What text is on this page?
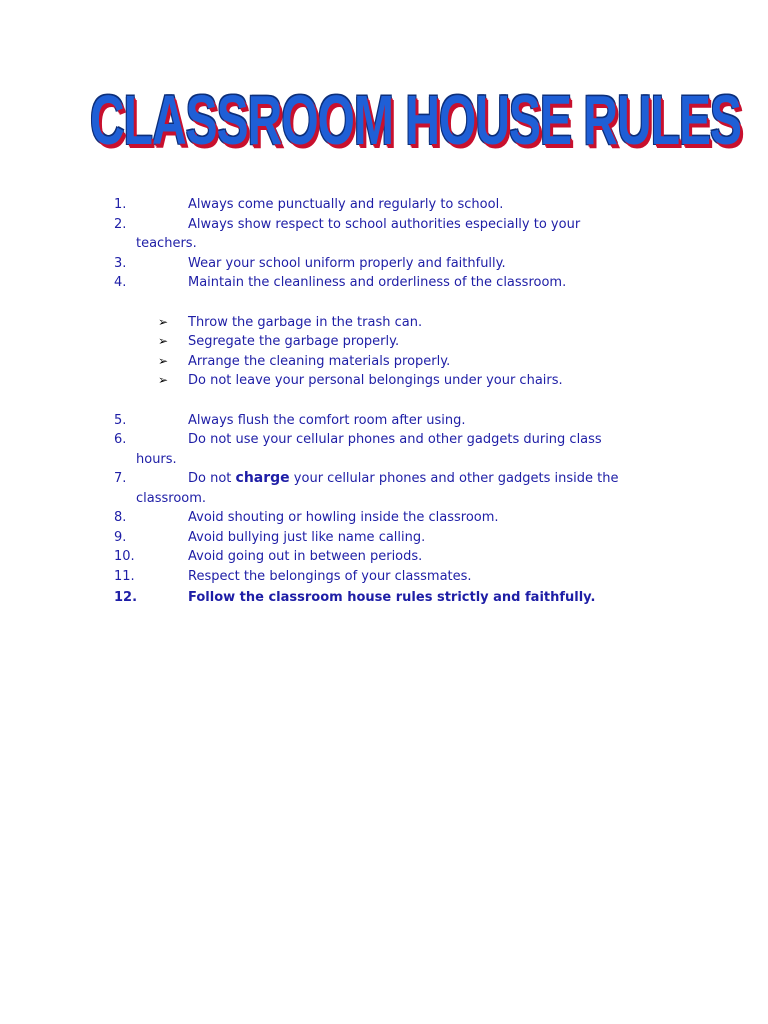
CLASSROOM HOUSE RULES
1.	Always come punctually and regularly to school.
2.	Always show respect to school authorities especially to your
teachers.
3.	Wear your school uniform properly and faithfully.
4.	Maintain the cleanliness and orderliness of the classroom.
➢	Throw the garbage in the trash can.
➢	Segregate the garbage properly.
➢	Arrange the cleaning materials properly.
➢	Do not leave your personal belongings under your chairs.
5.	Always flush the comfort room after using.
6.	Do not use your cellular phones and other gadgets during class
hours.
7.	Do not charge your cellular phones and other gadgets inside the
classroom.
8.	Avoid shouting or howling inside the classroom.
9.	Avoid bullying just like name calling.
10.	Avoid going out in between periods.
11.	Respect the belongings of your classmates.
12.	Follow the classroom house rules strictly and faithfully.
